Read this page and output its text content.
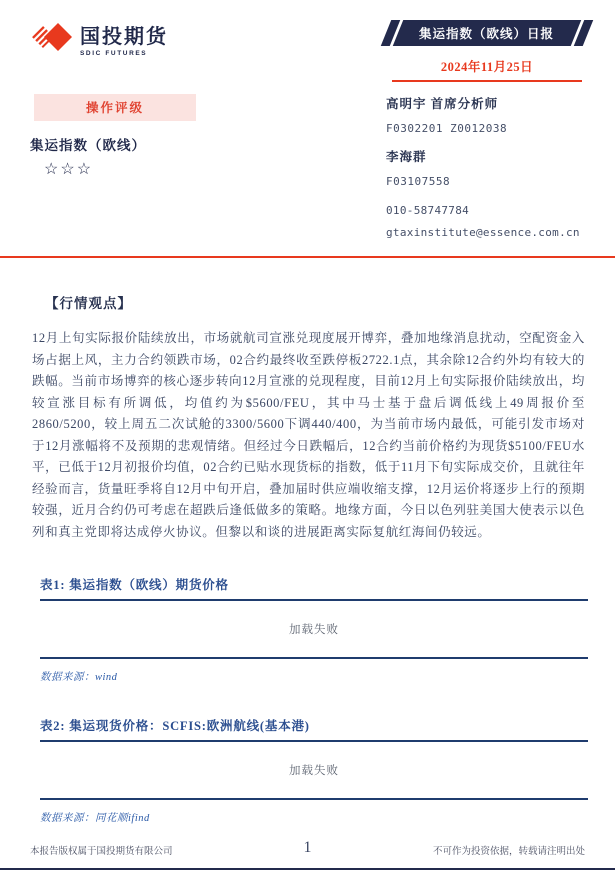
国投期货
SDIC FUTURES
集运指数（欧线）日报
2024年11月25日
操作评级
集运指数（欧线）
☆☆☆
高明宇 首席分析师
F0302201 Z0012038
李海群
F03107558
010-58747784
gtaxinstitute@essence.com.cn
【行情观点】
12月上旬实际报价陆续放出，市场就航司宣涨兑现度展开博弈，叠加地缘消息扰动，空配资金入场占据上风，主力合约领跌市场，02合约最终收至跌停板2722.1点，其余除12合约外均有较大的跌幅。当前市场博弈的核心逐步转向12月宣涨的兑现程度，目前12月上旬实际报价陆续放出，均较宣涨目标有所调低，均值约为$5600/FEU，其中马士基于盘后调低线上49周报价至2860/5200，较上周五二次试舱的3300/5600下调440/400，为当前市场内最低，可能引发市场对于12月涨幅将不及预期的悲观情绪。但经过今日跌幅后，12合约当前价格约为现货$5100/FEU水平，已低于12月初报价均值，02合约已贴水现货标的指数，低于11月下旬实际成交价，且就往年经验而言，货量旺季将自12月中旬开启，叠加届时供应端收缩支撑，12月运价将逐步上行的预期较强，近月合约仍可考虑在超跌后逢低做多的策略。地缘方面，今日以色列驻美国大使表示以色列和真主党即将达成停火协议。但黎以和谈的进展距离实际复航红海间仍较远。
表1: 集运指数（欧线）期货价格
加载失败
数据来源：wind
表2: 集运现货价格：SCFIS:欧洲航线(基本港)
加载失败
数据来源：同花顺ifind
本报告版权属于国投期货有限公司	不可作为投资依据，转载请注明出处
1
